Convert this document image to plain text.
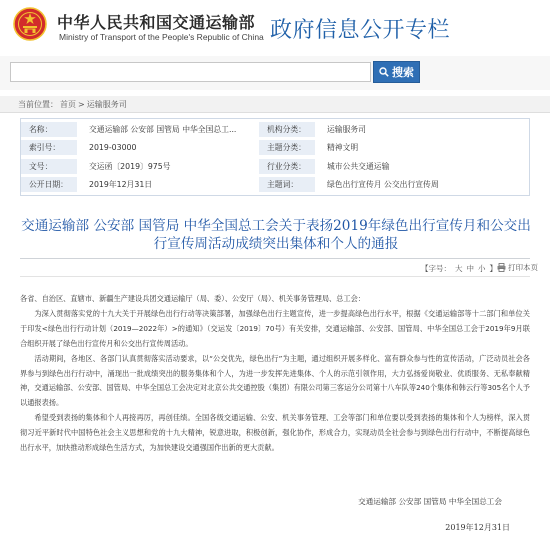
中华人民共和国交通运输部
Ministry of Transport of the People's Republic of China 政府信息公开专栏
搜索
当前位置： 首页 > 运输服务司
名称：	交通运输部 公安部 国管局 中华全国总工...	机构分类：	运输服务司
索引号：	2019-03000	主题分类：	精神文明
文号：	交运函〔2019〕975号	行业分类：	城市公共交通运输
公开日期：	2019年12月31日	主题词：	绿色出行宣传月 公交出行宣传周
交通运输部 公安部 国管局 中华全国总工会关于表扬2019年绿色出行宣传月和公交出行宣传周活动成绩突出集体和个人的通报
【字号： 大 中 小 】 打印本页

各省、自治区、直辖市、新疆生产建设兵团交通运输厅（局、委）、公安厅（局）、机关事务管理局、总工会：

为深入贯彻落实党的十九大关于开展绿色出行行动等决策部署，加强绿色出行主题宣传，进一步提高绿色出行水平，根据《交通运输部等十二部门和单位关于印发<绿色出行行动计划（2019—2022年）>的通知》（交运发〔2019〕70号）有关安排，交通运输部、公安部、国管局、中华全国总工会于2019年9月联合组织开展了绿色出行宣传月和公交出行宣传周活动。

活动期间，各地区、各部门认真贯彻落实活动要求，以“公交优先，绿色出行”为主题，通过组织开展多样化、富有群众参与性的宣传活动，广泛动员社会各界参与到绿色出行行动中，涌现出一批成绩突出的服务集体和个人，为进一步发挥先进集体、个人的示范引领作用，大力弘扬爱岗敬业、优质服务、无私奉献精神，交通运输部、公安部、国管局、中华全国总工会决定对北京公共交通控股（集团）有限公司第三客运分公司第十八车队等240个集体和韩云行等305名个人予以通报表扬。

希望受到表扬的集体和个人再接再厉，再创佳绩。全国各级交通运输、公安、机关事务管理、工会等部门和单位要以受到表扬的集体和个人为榜样，深入贯彻习近平新时代中国特色社会主义思想和党的十九大精神，锐意进取，积极创新，强化协作，形成合力，实现动员全社会参与到绿色出行行动中，不断提高绿色出行水平，加快推动形成绿色生活方式，为加快建设交通强国作出新的更大贡献。

交通运输部 公安部 国管局 中华全国总工会
2019年12月31日
